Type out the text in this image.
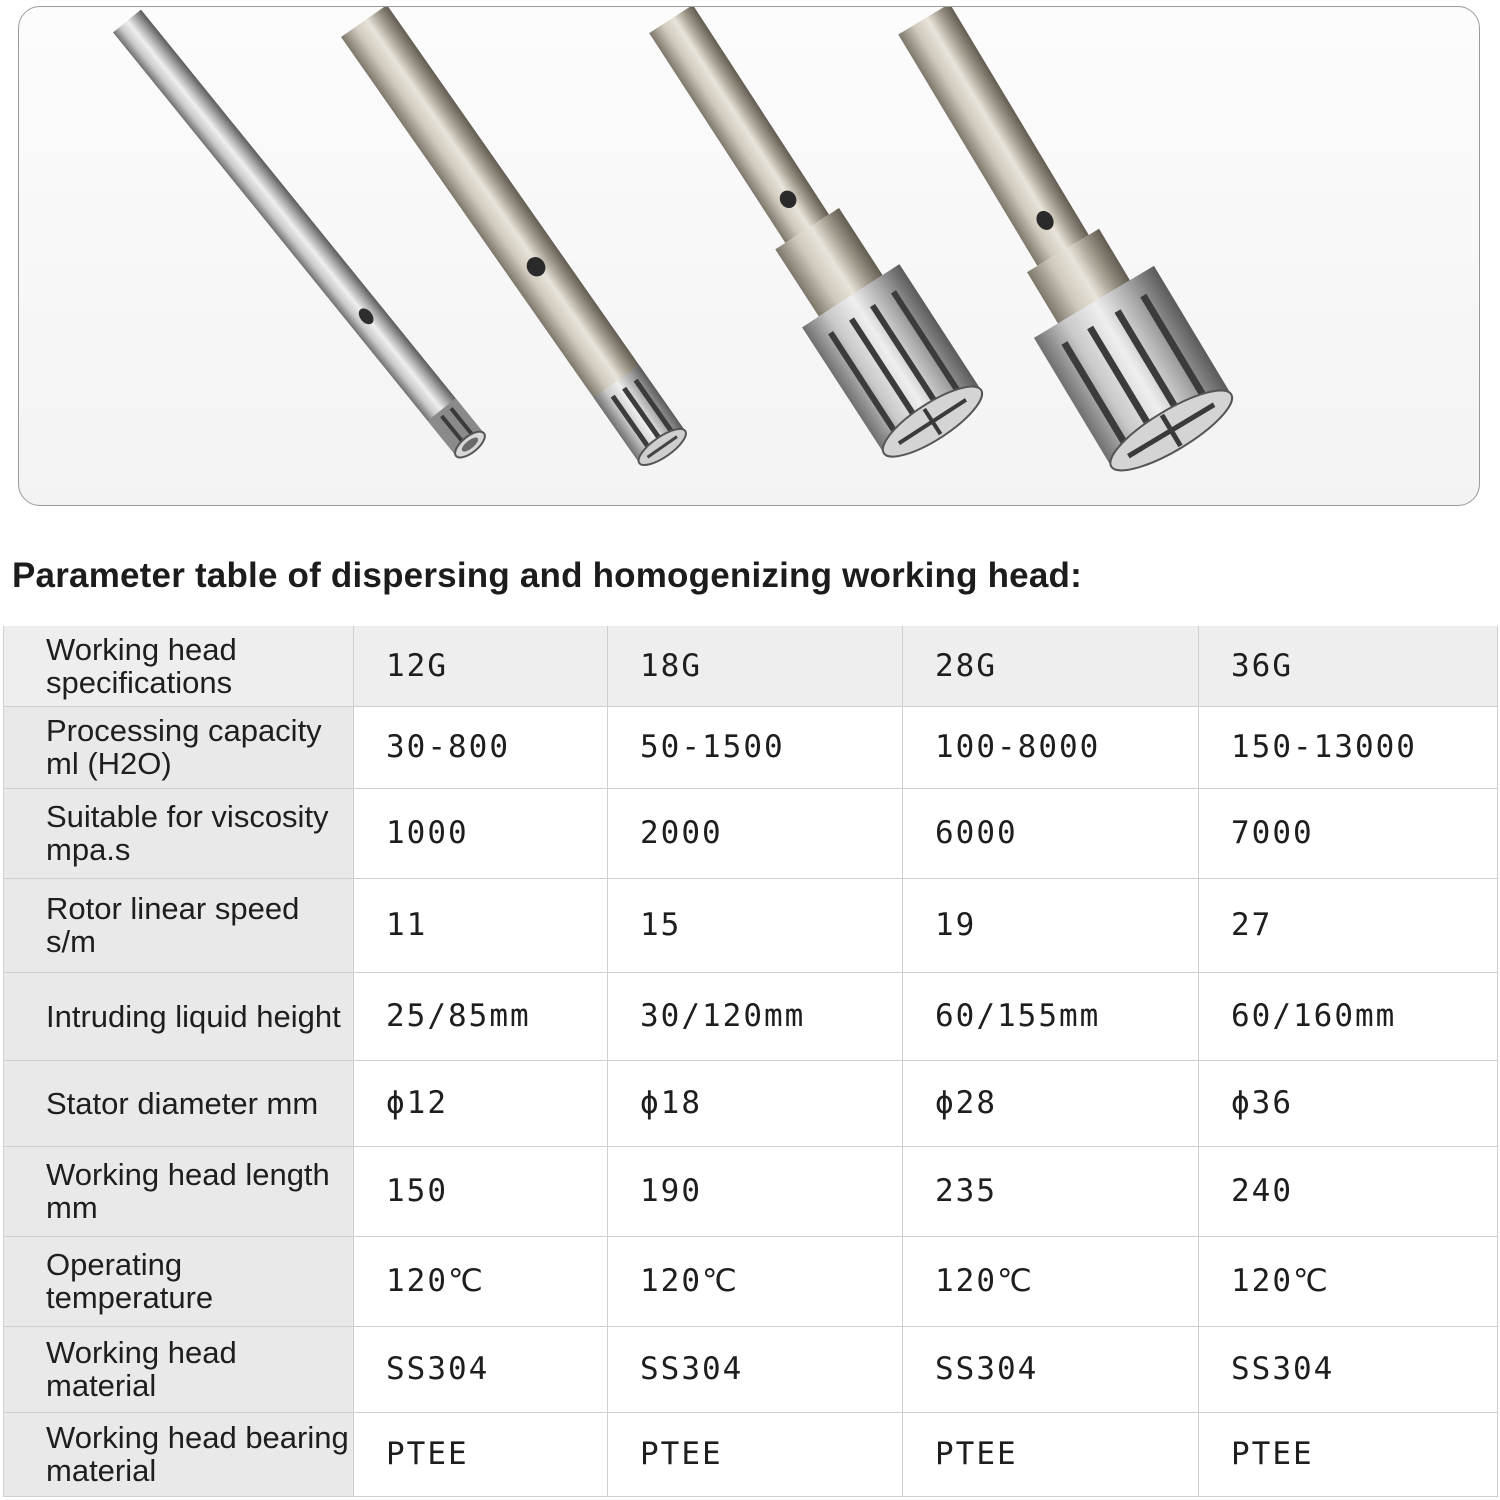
Parameter table of dispersing and homogenizing working head:
Working head specifications	12G	18G	28G	36G
Processing capacity ml (H2O)	30-800	50-1500	100-8000	150-13000
Suitable for viscosity mpa.s	1000	2000	6000	7000
Rotor linear speed s/m	11	15	19	27
Intruding liquid height	25/85mm	30/120mm	60/155mm	60/160mm
Stator diameter mm	ϕ12	ϕ18	ϕ28	ϕ36
Working head length mm	150	190	235	240
Operating temperature	120℃	120℃	120℃	120℃
Working head material	SS304	SS304	SS304	SS304
Working head bearing material	PTEE	PTEE	PTEE	PTEE
